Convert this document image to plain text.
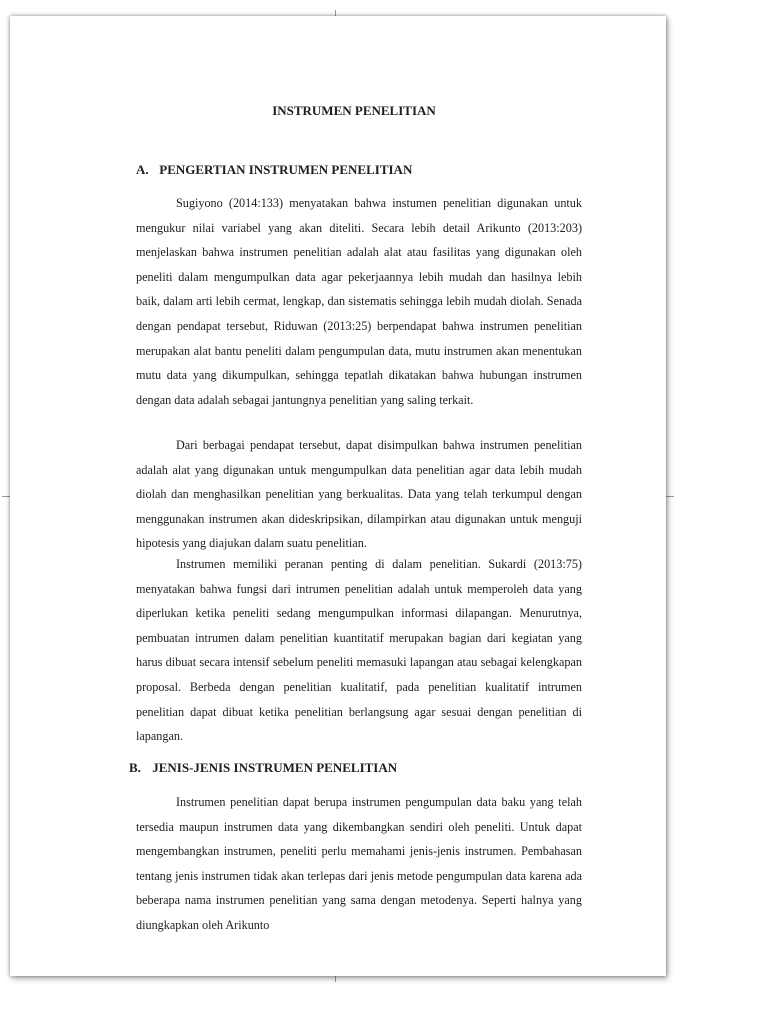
INSTRUMEN PENELITIAN
A. PENGERTIAN INSTRUMEN PENELITIAN

Sugiyono (2014:133) menyatakan bahwa instumen penelitian digunakan untuk mengukur nilai variabel yang akan diteliti. Secara lebih detail Arikunto (2013:203) menjelaskan bahwa instrumen penelitian adalah alat atau fasilitas yang digunakan oleh peneliti dalam mengumpulkan data agar pekerjaannya lebih mudah dan hasilnya lebih baik, dalam arti lebih cermat, lengkap, dan sistematis sehingga lebih mudah diolah. Senada dengan pendapat tersebut, Riduwan (2013:25) berpendapat bahwa instrumen penelitian merupakan alat bantu peneliti dalam pengumpulan data, mutu instrumen akan menentukan mutu data yang dikumpulkan, sehingga tepatlah dikatakan bahwa hubungan instrumen dengan data adalah sebagai jantungnya penelitian yang saling terkait.

Dari berbagai pendapat tersebut, dapat disimpulkan bahwa instrumen penelitian adalah alat yang digunakan untuk mengumpulkan data penelitian agar data lebih mudah diolah dan menghasilkan penelitian yang berkualitas. Data yang telah terkumpul dengan menggunakan instrumen akan dideskripsikan, dilampirkan atau digunakan untuk menguji hipotesis yang diajukan dalam suatu penelitian.

Instrumen memiliki peranan penting di dalam penelitian. Sukardi (2013:75) menyatakan bahwa fungsi dari intrumen penelitian adalah untuk memperoleh data yang diperlukan ketika peneliti sedang mengumpulkan informasi dilapangan. Menurutnya, pembuatan intrumen dalam penelitian kuantitatif merupakan bagian dari kegiatan yang harus dibuat secara intensif sebelum peneliti memasuki lapangan atau sebagai kelengkapan proposal. Berbeda dengan penelitian kualitatif, pada penelitian kualitatif intrumen penelitian dapat dibuat ketika penelitian berlangsung agar sesuai dengan penelitian di lapangan.

B. JENIS-JENIS INSTRUMEN PENELITIAN

Instrumen penelitian dapat berupa instrumen pengumpulan data baku yang telah tersedia maupun instrumen data yang dikembangkan sendiri oleh peneliti. Untuk dapat mengembangkan instrumen, peneliti perlu memahami jenis-jenis instrumen. Pembahasan tentang jenis instrumen tidak akan terlepas dari jenis metode pengumpulan data karena ada beberapa nama instrumen penelitian yang sama dengan metodenya. Seperti halnya yang diungkapkan oleh Arikunto
